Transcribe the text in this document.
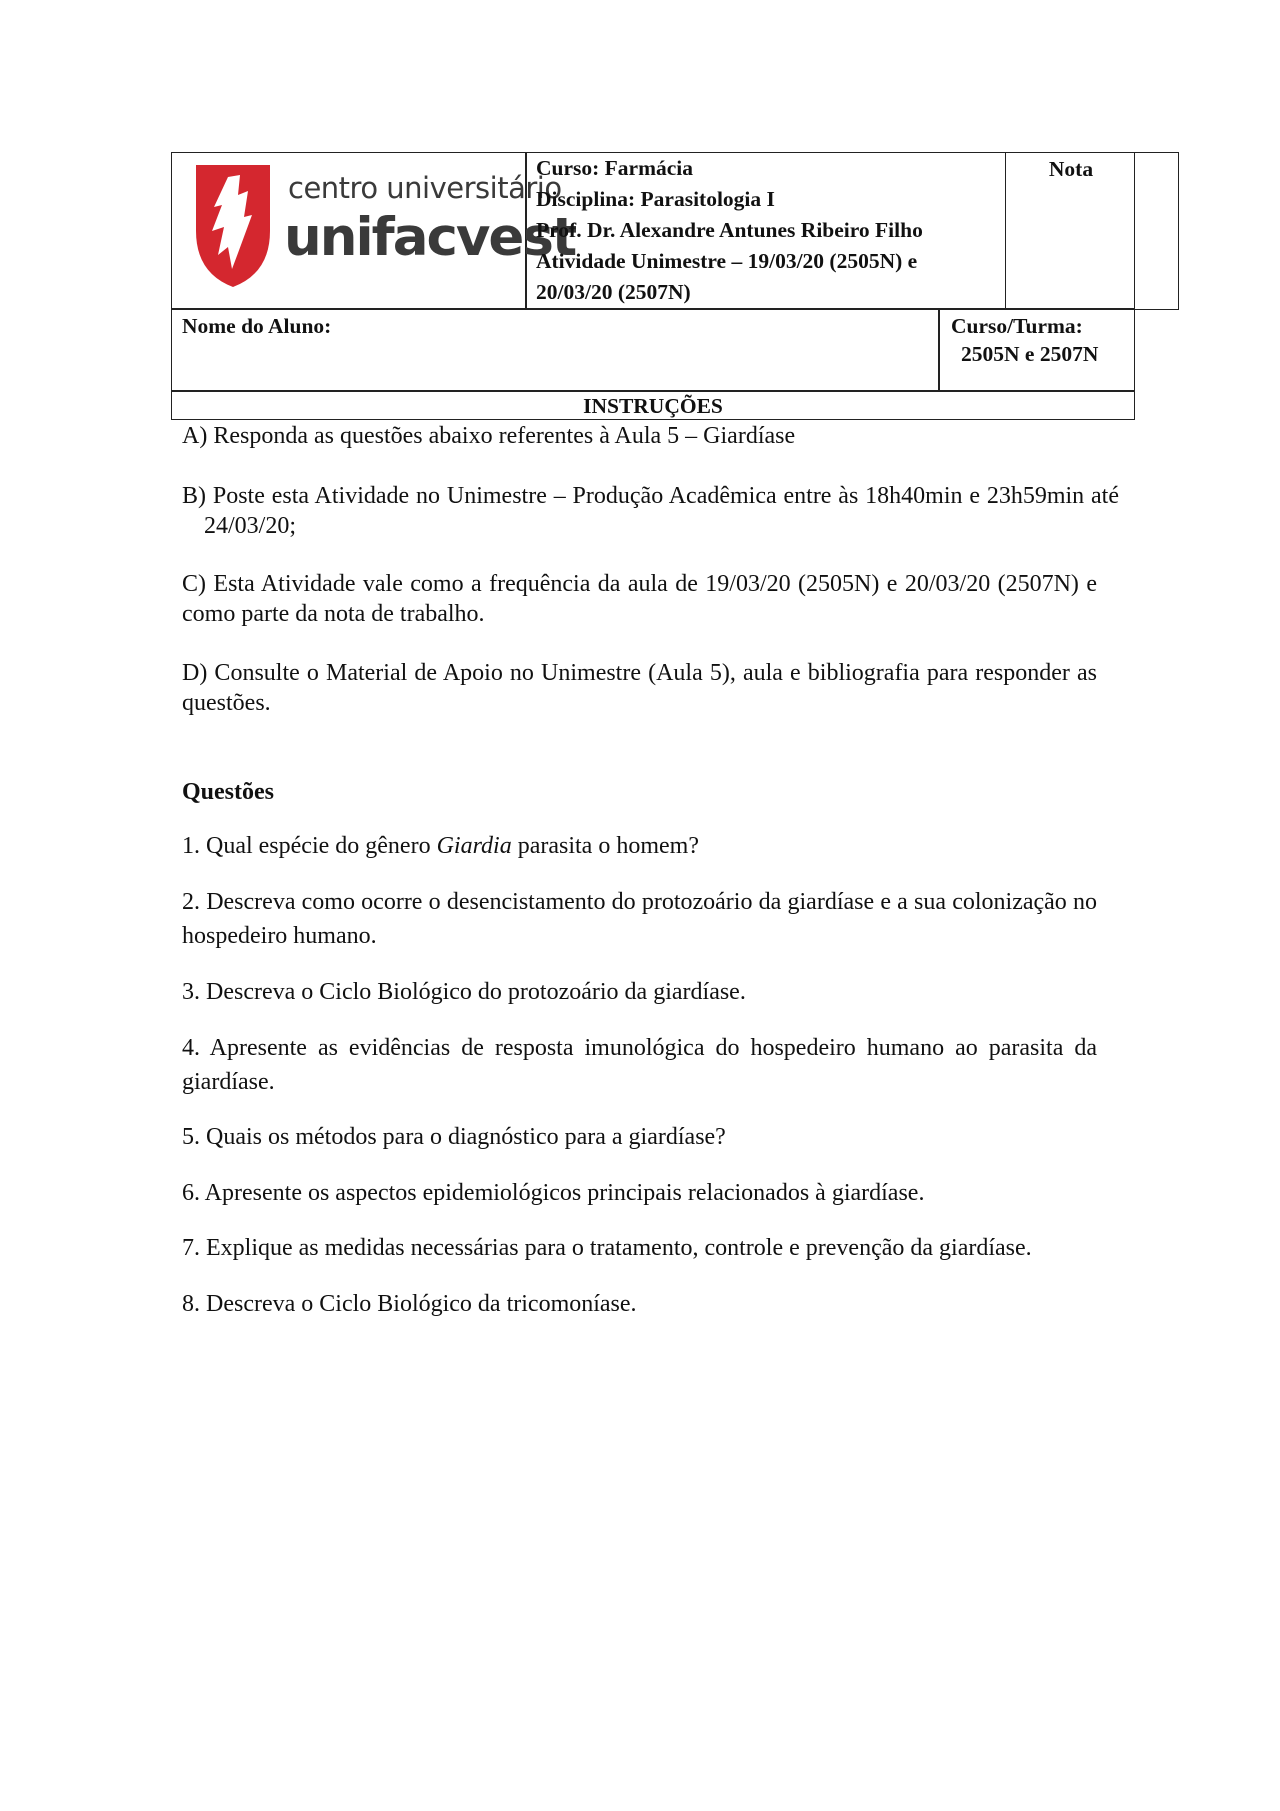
centro universitário
unifacvest
Curso: Farmácia
Disciplina: Parasitologia I
Prof. Dr. Alexandre Antunes Ribeiro Filho
Atividade Unimestre – 19/03/20 (2505N) e
20/03/20 (2507N)
Nota
Nome do Aluno:	Curso/Turma:
2505N e 2507N
INSTRUÇÕES
A) Responda as questões abaixo referentes à Aula 5 – Giardíase
B) Poste esta Atividade no Unimestre – Produção Acadêmica entre às 18h40min e 23h59min até 24/03/20;
C) Esta Atividade vale como a frequência da aula de 19/03/20 (2505N) e 20/03/20 (2507N) e como parte da nota de trabalho.
D) Consulte o Material de Apoio no Unimestre (Aula 5), aula e bibliografia para responder as questões.
Questões
1. Qual espécie do gênero Giardia parasita o homem?
2. Descreva como ocorre o desencistamento do protozoário da giardíase e a sua colonização no hospedeiro humano.
3. Descreva o Ciclo Biológico do protozoário da giardíase.
4. Apresente as evidências de resposta imunológica do hospedeiro humano ao parasita da giardíase.
5. Quais os métodos para o diagnóstico para a giardíase?
6. Apresente os aspectos epidemiológicos principais relacionados à giardíase.
7. Explique as medidas necessárias para o tratamento, controle e prevenção da giardíase.
8. Descreva o Ciclo Biológico da tricomoníase.
